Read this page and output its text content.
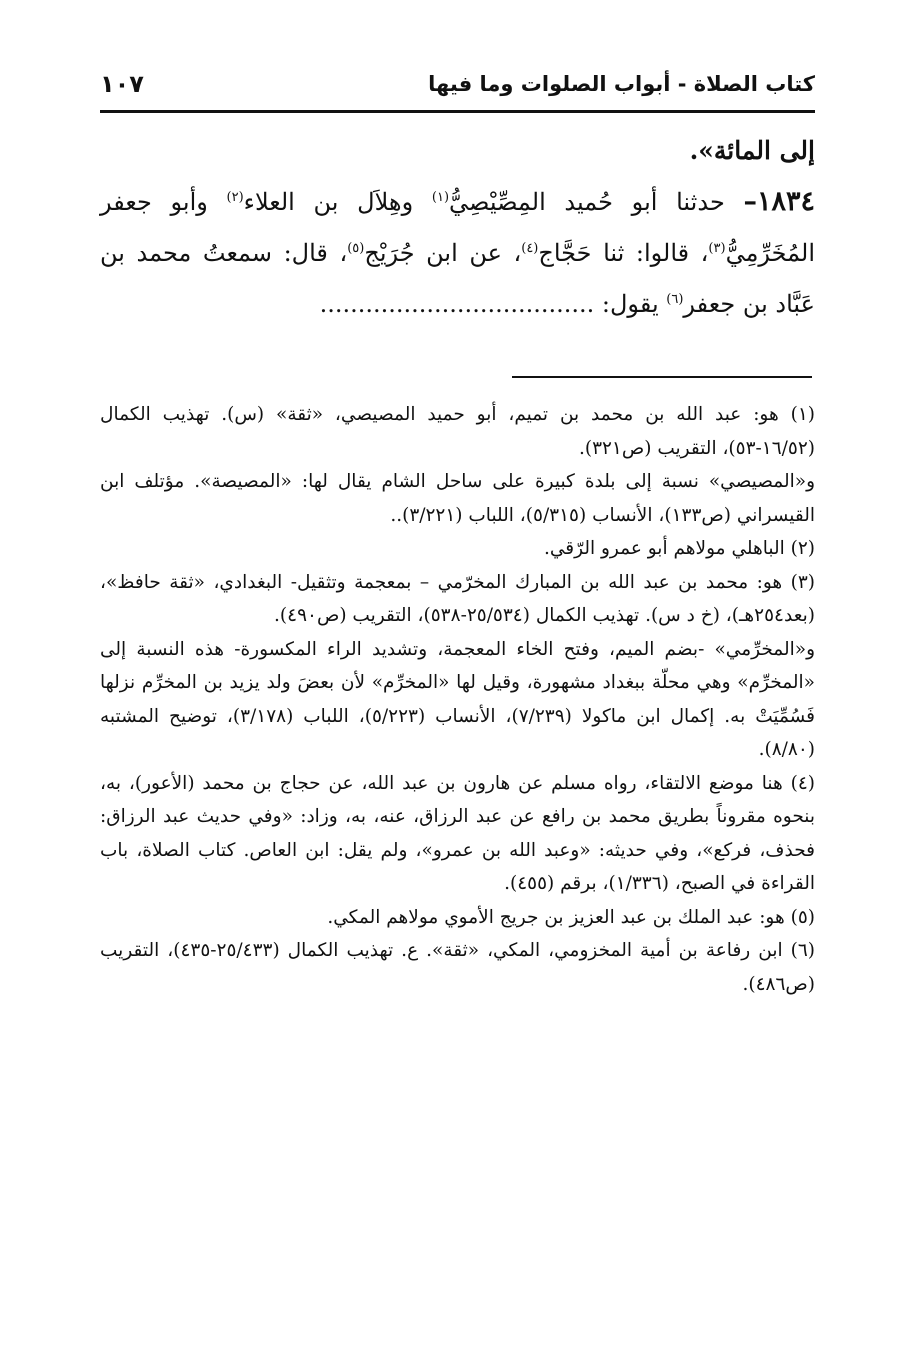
كتاب الصلاة - أبواب الصلوات وما فيها
١٠٧

إلى المائة».

١٨٣٤– حدثنا أبو حُميد المِصِّيْصِيُّ$^{(١)}$ وهِلاَل بن العلاء$^{(٢)}$ وأبو جعفر المُخَرِّمِيُّ$^{(٣)}$، قالوا: ثنا حَجَّاج$^{(٤)}$، عن ابن جُرَيْج$^{(٥)}$، قال: سمعتُ محمد بن عَبَّاد بن جعفر$^{(٦)}$ يقول: ....................................

(١) هو: عبد الله بن محمد بن تميم، أبو حميد المصيصي، «ثقة» (س). تهذيب الكمال (١٦/٥٢-٥٣)، التقريب (ص٣٢١).

و«المصيصي» نسبة إلى بلدة كبيرة على ساحل الشام يقال لها: «المصيصة». مؤتلف ابن القيسراني (ص١٣٣)، الأنساب (٥/٣١٥)، اللباب (٣/٢٢١)..

(٢) الباهلي مولاهم أبو عمرو الرّقي.

(٣) هو: محمد بن عبد الله بن المبارك المخرّمي – بمعجمة وتثقيل- البغدادي، «ثقة حافظ»، (بعد٢٥٤هـ)، (خ د س). تهذيب الكمال (٢٥/٥٣٤-٥٣٨)، التقريب (ص٤٩٠).

و«المخرِّمي» -بضم الميم، وفتح الخاء المعجمة، وتشديد الراء المكسورة- هذه النسبة إلى «المخرِّم» وهي محلّة ببغداد مشهورة، وقيل لها «المخرِّم» لأن بعضَ ولد يزيد بن المخرِّم نزلها فَسُمِّيَتْ به. إكمال ابن ماكولا (٧/٢٣٩)، الأنساب (٥/٢٢٣)، اللباب (٣/١٧٨)، توضيح المشتبه (٨/٨٠).

(٤) هنا موضع الالتقاء، رواه مسلم عن هارون بن عبد الله، عن حجاج بن محمد (الأعور)، به، بنحوه مقروناً بطريق محمد بن رافع عن عبد الرزاق، عنه، به، وزاد: «وفي حديث عبد الرزاق: فحذف، فركع»، وفي حديثه: «وعبد الله بن عمرو»، ولم يقل: ابن العاص. كتاب الصلاة، باب القراءة في الصبح، (١/٣٣٦)، برقم (٤٥٥).

(٥) هو: عبد الملك بن عبد العزيز بن جريج الأموي مولاهم المكي.

(٦) ابن رفاعة بن أمية المخزومي، المكي، «ثقة». ع. تهذيب الكمال (٢٥/٤٣٣-٤٣٥)، التقريب (ص٤٨٦).
